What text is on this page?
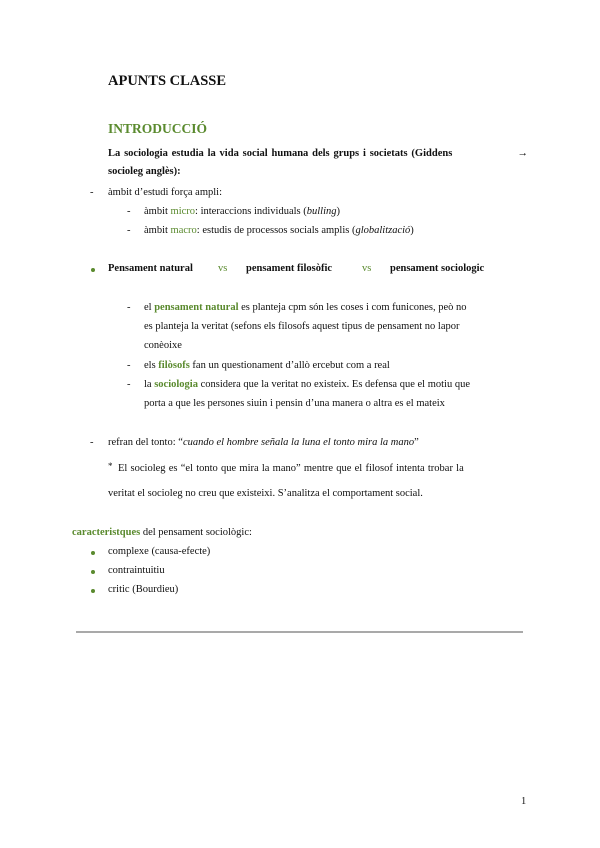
APUNTS CLASSE
INTRODUCCIÓ
La sociologia estudia la vida social humana dels grups i societats (Giddens	→
socioleg anglès):
- àmbit d’estudi força ampli:
- àmbit micro: interaccions individuals (bulling)
- àmbit macro: estudis de processos socials amplis (globalització)
Pensament natural vs pensament filosòfic	vs pensament sociologic
- el pensament natural es planteja cpm són les coses i com funicones, peò no
es planteja la veritat (sefons els filosofs aquest tipus de pensament no lapor
conèoixe
- els filòsofs fan un questionament d’allò ercebut com a real
- la sociologia considera que la veritat no existeix. Es defensa que el motiu que
porta a que les persones siuin i pensin d’una manera o altra es el mateix
- refran del tonto: “cuando el hombre señala la luna el tonto mira la mano”
* El socioleg es “el tonto que mira la mano” mentre que el filosof intenta trobar la
veritat el socioleg no creu que existeixi. S’analitza el comportament social.
caracteristques del pensament sociològic:
complexe (causa-efecte)
contraintuitiu
critic (Bourdieu)
1
